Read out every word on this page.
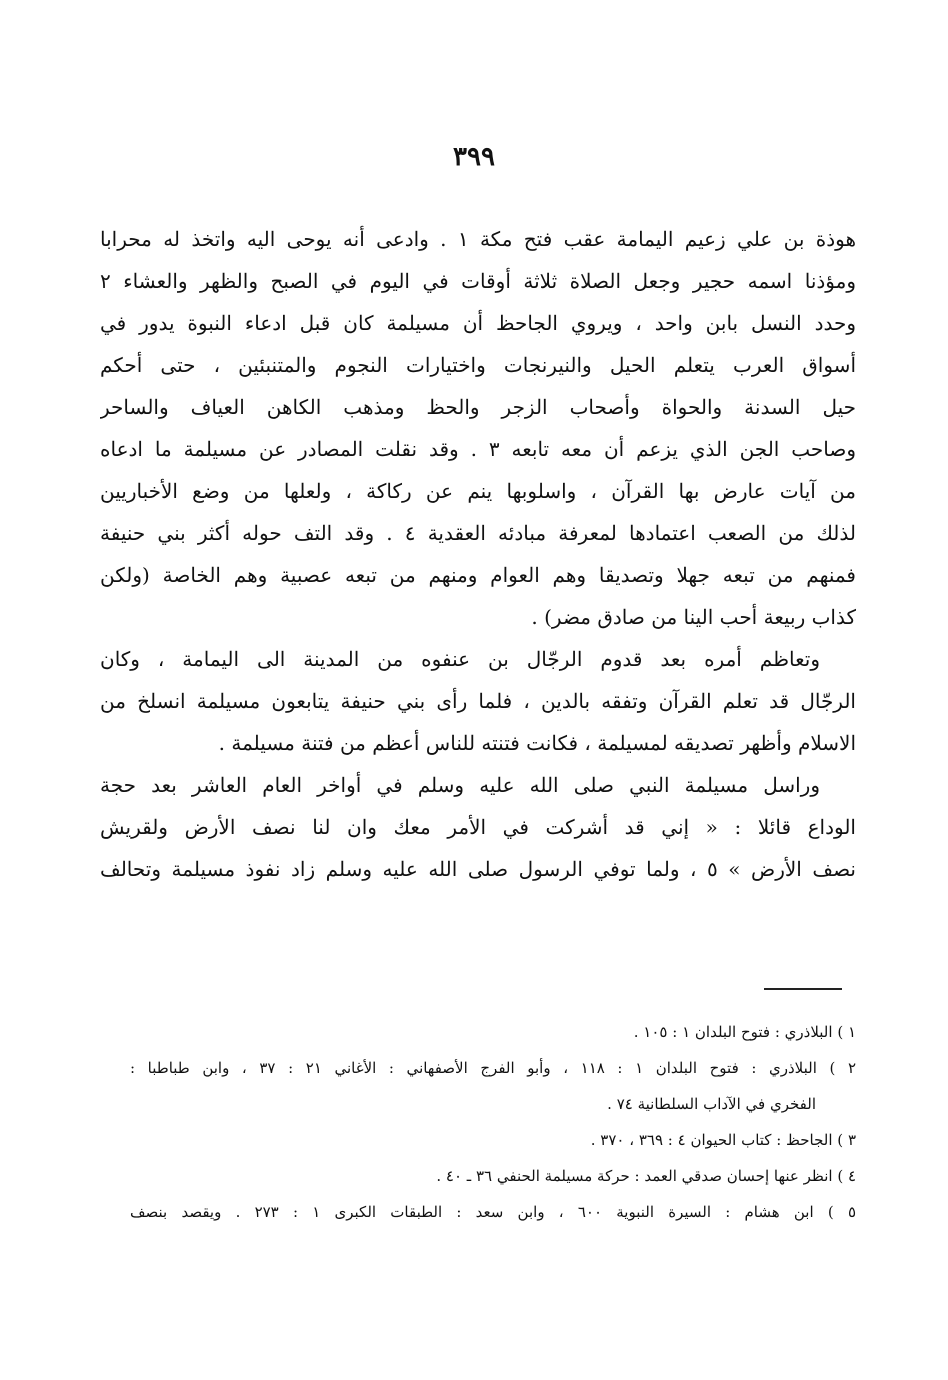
٣٩٩
هوذة بن علي زعيم اليمامة عقب فتح مكة ١ . وادعى أنه يوحى اليه واتخذ له محرابا
ومؤذنا اسمه حجير وجعل الصلاة ثلاثة أوقات في اليوم في الصبح والظهر والعشاء ٢
وحدد النسل بابن واحد ، ويروي الجاحظ أن مسيلمة كان قبل ادعاء النبوة يدور في
أسواق العرب يتعلم الحيل والنيرنجات واختيارات النجوم والمتنبئين ، حتى أحكم
حيل السدنة والحواة وأصحاب الزجر والحظ ومذهب الكاهن العياف والساحر
وصاحب الجن الذي يزعم أن معه تابعه ٣ . وقد نقلت المصادر عن مسيلمة ما ادعاه
من آيات عارض بها القرآن ، واسلوبها ينم عن ركاكة ، ولعلها من وضع الأخباريين
لذلك من الصعب اعتمادها لمعرفة مبادئه العقدية ٤ . وقد التف حوله أكثر بني حنيفة
فمنهم من تبعه جهلا وتصديقا وهم العوام ومنهم من تبعه عصبية وهم الخاصة (ولكن
كذاب ربيعة أحب الينا من صادق مضر) .
وتعاظم أمره بعد قدوم الرجّال بن عنفوه من المدينة الى اليمامة ، وكان
الرجّال قد تعلم القرآن وتفقه بالدين ، فلما رأى بني حنيفة يتابعون مسيلمة انسلخ من
الاسلام وأظهر تصديقه لمسيلمة ، فكانت فتنته للناس أعظم من فتنة مسيلمة .
وراسل مسيلمة النبي صلى الله عليه وسلم في أواخر العام العاشر بعد حجة
الوداع قائلا : « إني قد أشركت في الأمر معك وان لنا نصف الأرض ولقريش
نصف الأرض » ٥ ، ولما توفي الرسول صلى الله عليه وسلم زاد نفوذ مسيلمة وتحالف
١ ) البلاذري : فتوح البلدان ١ : ١٠٥ .
٢ ) البلاذري : فتوح البلدان ١ : ١١٨ ، وأبو الفرج الأصفهاني : الأغاني ٢١ : ٣٧ ، وابن طباطبا :
الفخري في الآداب السلطانية ٧٤ .
٣ ) الجاحظ : كتاب الحيوان ٤ : ٣٦٩ ، ٣٧٠ .
٤ ) انظر عنها إحسان صدقي العمد : حركة مسيلمة الحنفي ٣٦ ـ ٤٠ .
٥ ) ابن هشام : السيرة النبوية ٦٠٠ ، وابن سعد : الطبقات الكبرى ١ : ٢٧٣ . ويقصد بنصف
